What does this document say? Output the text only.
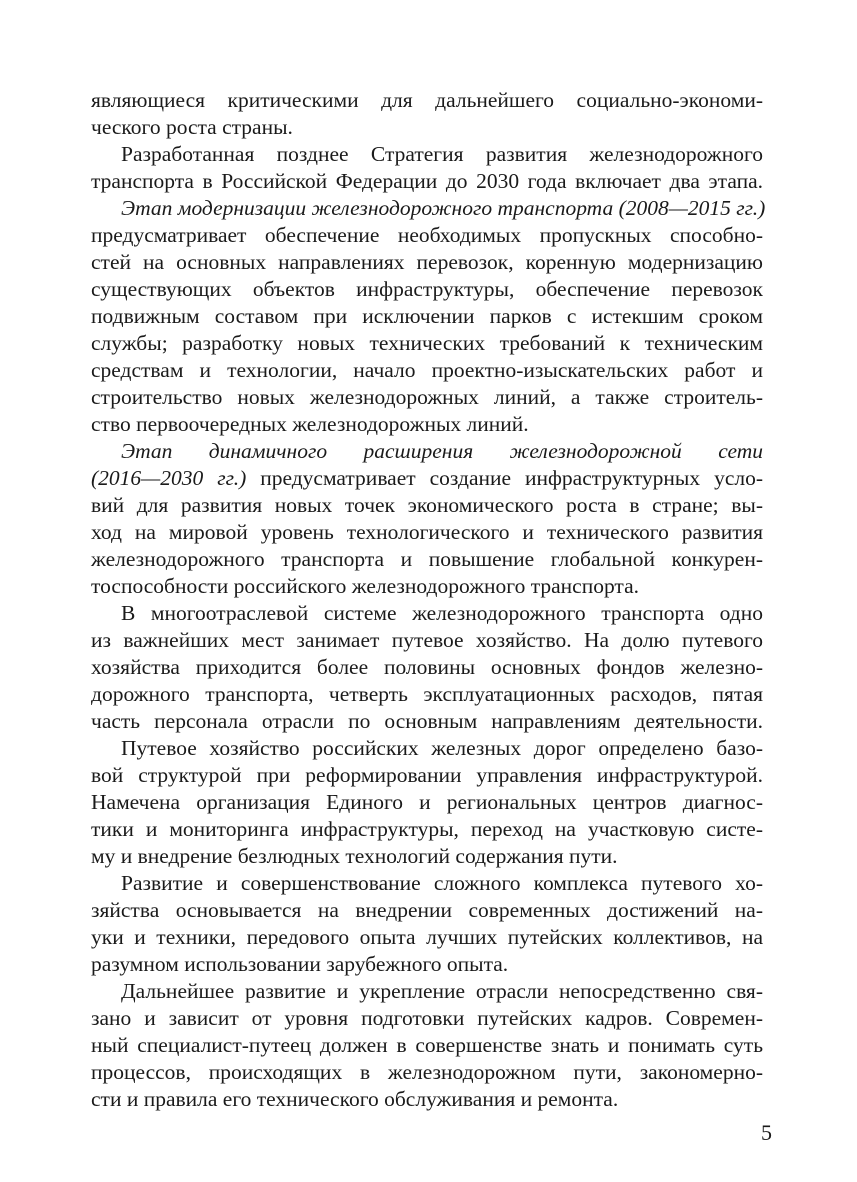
являющиеся критическими для дальнейшего социально-экономи-
ческого роста страны.
Разработанная позднее Стратегия развития железнодорожного
транспорта в Российской Федерации до 2030 года включает два этапа.
Этап модернизации железнодорожного транспорта (2008—2015 гг.)
предусматривает обеспечение необходимых пропускных способно-
стей на основных направлениях перевозок, коренную модернизацию
существующих объектов инфраструктуры, обеспечение перевозок
подвижным составом при исключении парков с истекшим сроком
службы; разработку новых технических требований к техническим
средствам и технологии, начало проектно-изыскательских работ и
строительство новых железнодорожных линий, а также строитель-
ство первоочередных железнодорожных линий.
Этап динамичного расширения железнодорожной сети
(2016—2030 гг.) предусматривает создание инфраструктурных усло-
вий для развития новых точек экономического роста в стране; вы-
ход на мировой уровень технологического и технического развития
железнодорожного транспорта и повышение глобальной конкурен-
тоспособности российского железнодорожного транспорта.
В многоотраслевой системе железнодорожного транспорта одно
из важнейших мест занимает путевое хозяйство. На долю путевого
хозяйства приходится более половины основных фондов железно-
дорожного транспорта, четверть эксплуатационных расходов, пятая
часть персонала отрасли по основным направлениям деятельности.
Путевое хозяйство российских железных дорог определено базо-
вой структурой при реформировании управления инфраструктурой.
Намечена организация Единого и региональных центров диагнос-
тики и мониторинга инфраструктуры, переход на участковую систе-
му и внедрение безлюдных технологий содержания пути.
Развитие и совершенствование сложного комплекса путевого хо-
зяйства основывается на внедрении современных достижений на-
уки и техники, передового опыта лучших путейских коллективов, на
разумном использовании зарубежного опыта.
Дальнейшее развитие и укрепление отрасли непосредственно свя-
зано и зависит от уровня подготовки путейских кадров. Современ-
ный специалист-путеец должен в совершенстве знать и понимать суть
процессов, происходящих в железнодорожном пути, закономерно-
сти и правила его технического обслуживания и ремонта.
5
